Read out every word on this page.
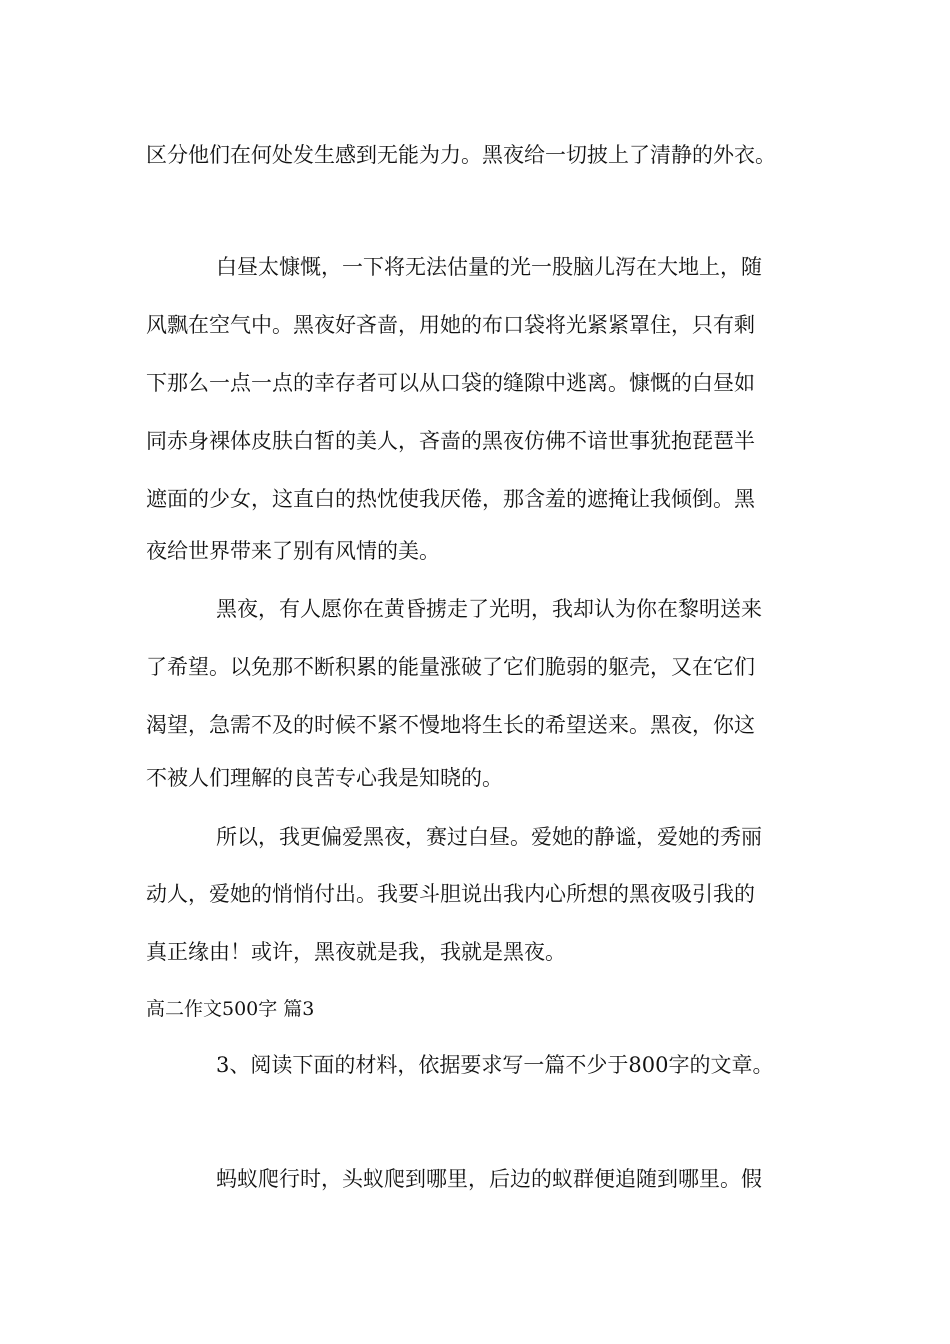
区分他们在何处发生感到无能为力。黑夜给一切披上了清静的外衣。
白昼太慷慨，一下将无法估量的光一股脑儿泻在大地上，随
风飘在空气中。黑夜好吝啬，用她的布口袋将光紧紧罩住，只有剩
下那么一点一点的幸存者可以从口袋的缝隙中逃离。慷慨的白昼如
同赤身裸体皮肤白皙的美人，吝啬的黑夜仿佛不谙世事犹抱琵琶半
遮面的少女，这直白的热忱使我厌倦，那含羞的遮掩让我倾倒。黑
夜给世界带来了别有风情的美。
黑夜，有人愿你在黄昏掳走了光明，我却认为你在黎明送来
了希望。以免那不断积累的能量涨破了它们脆弱的躯壳，又在它们
渴望，急需不及的时候不紧不慢地将生长的希望送来。黑夜，你这
不被人们理解的良苦专心我是知晓的。
所以，我更偏爱黑夜，赛过白昼。爱她的静谧，爱她的秀丽
动人，爱她的悄悄付出。我要斗胆说出我内心所想的黑夜吸引我的
真正缘由！或许，黑夜就是我，我就是黑夜。
高二作文500字 篇3
3、阅读下面的材料，依据要求写一篇不少于800字的文章。
蚂蚁爬行时，头蚁爬到哪里，后边的蚁群便追随到哪里。假
